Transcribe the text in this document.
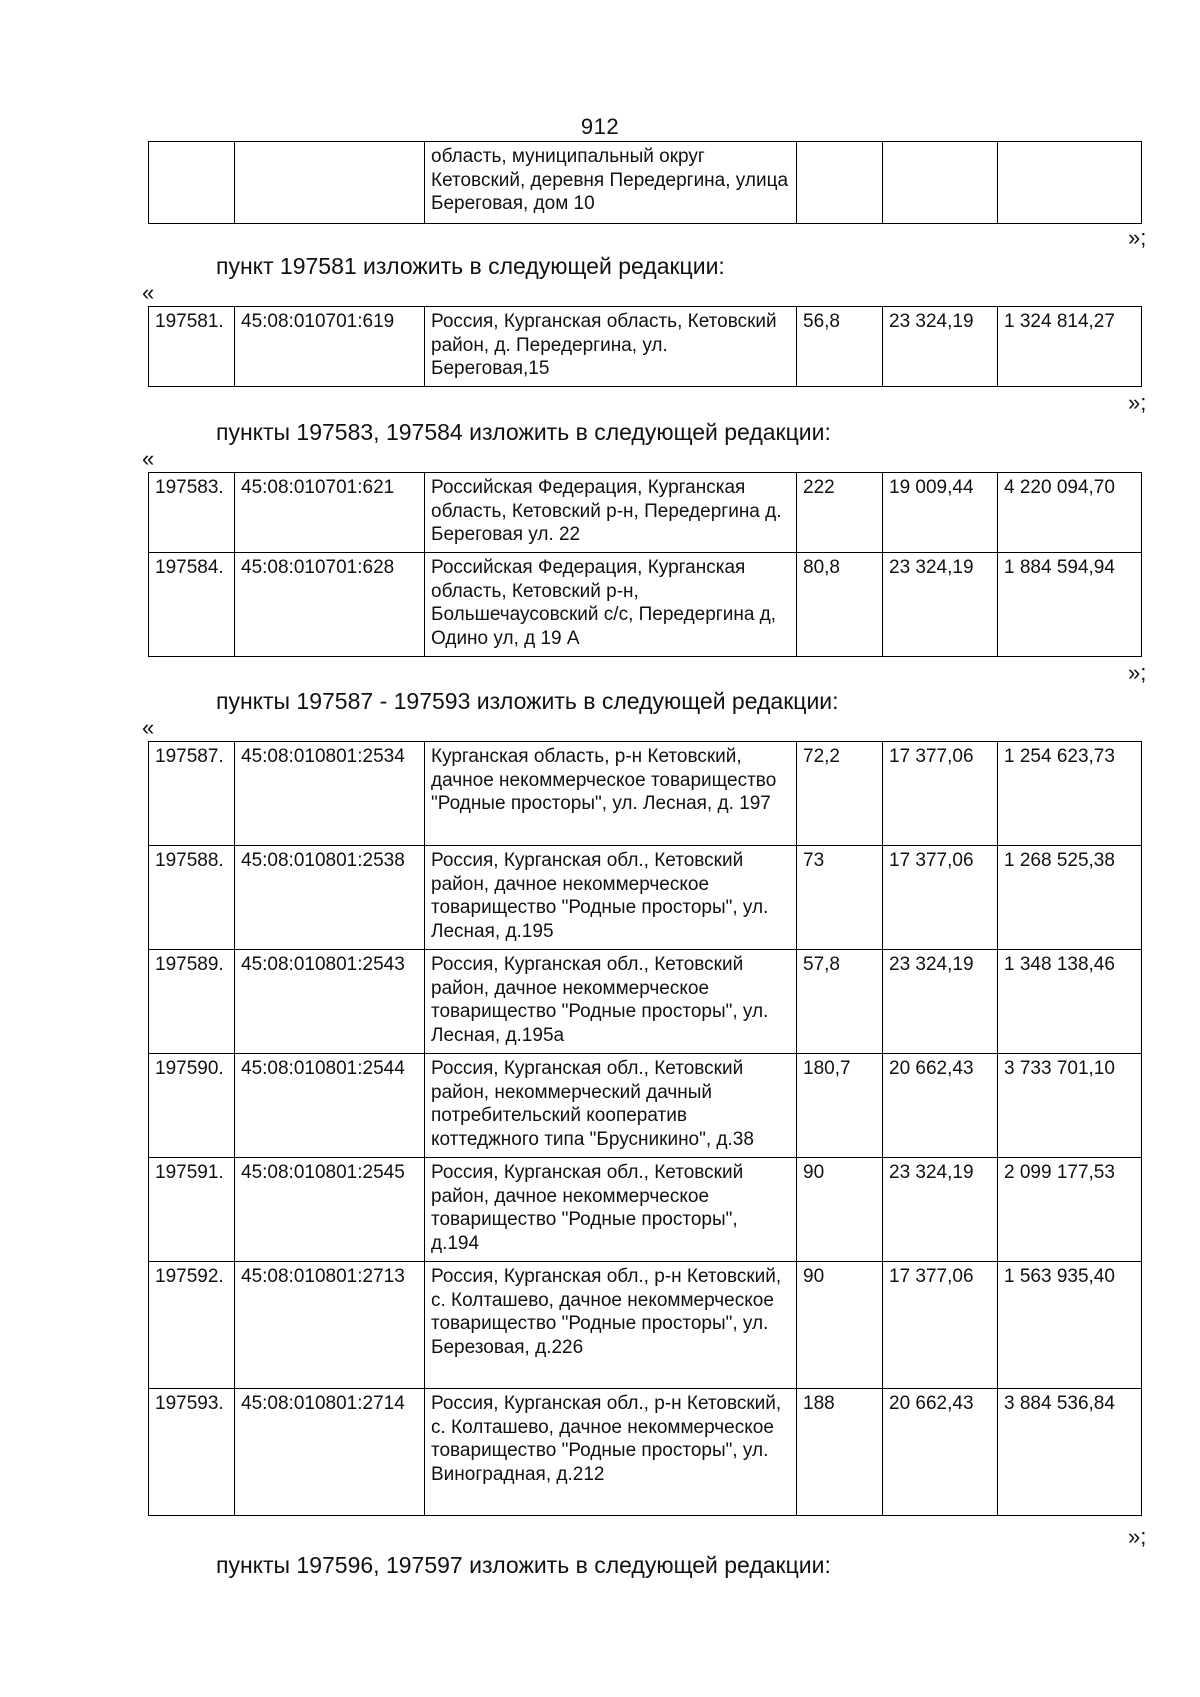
912
		область, муниципальный округ Кетовский, деревня Передергина, улица Береговая, дом 10			
»;
пункт 197581 изложить в следующей редакции:
«
197581.	45:08:010701:619	Россия, Курганская область, Кетовский район, д. Передергина, ул. Береговая,15	56,8	23 324,19	1 324 814,27
»;
пункты 197583, 197584 изложить в следующей редакции:
«
197583.	45:08:010701:621	Российская Федерация, Курганская область, Кетовский р-н, Передергина д. Береговая ул. 22	222	19 009,44	4 220 094,70
197584.	45:08:010701:628	Российская Федерация, Курганская область, Кетовский р-н, Большечаусовский с/с, Передергина д, Одино ул, д 19 А	80,8	23 324,19	1 884 594,94
»;
пункты 197587 - 197593 изложить в следующей редакции:
«
197587.	45:08:010801:2534	Курганская область, р-н Кетовский, дачное некоммерческое товарищество "Родные просторы", ул. Лесная, д. 197	72,2	17 377,06	1 254 623,73
197588.	45:08:010801:2538	Россия, Курганская обл., Кетовский район, дачное некоммерческое товарищество "Родные просторы", ул. Лесная, д.195	73	17 377,06	1 268 525,38
197589.	45:08:010801:2543	Россия, Курганская обл., Кетовский район, дачное некоммерческое товарищество "Родные просторы", ул. Лесная, д.195а	57,8	23 324,19	1 348 138,46
197590.	45:08:010801:2544	Россия, Курганская обл., Кетовский район, некоммерческий дачный потребительский кооператив коттеджного типа "Брусникино", д.38	180,7	20 662,43	3 733 701,10
197591.	45:08:010801:2545	Россия, Курганская обл., Кетовский район, дачное некоммерческое товарищество "Родные просторы", д.194	90	23 324,19	2 099 177,53
197592.	45:08:010801:2713	Россия, Курганская обл., р-н Кетовский, с. Колташево, дачное некоммерческое товарищество "Родные просторы", ул. Березовая, д.226	90	17 377,06	1 563 935,40
197593.	45:08:010801:2714	Россия, Курганская обл., р-н Кетовский, с. Колташево, дачное некоммерческое товарищество "Родные просторы", ул. Виноградная, д.212	188	20 662,43	3 884 536,84
»;
пункты 197596, 197597 изложить в следующей редакции:
